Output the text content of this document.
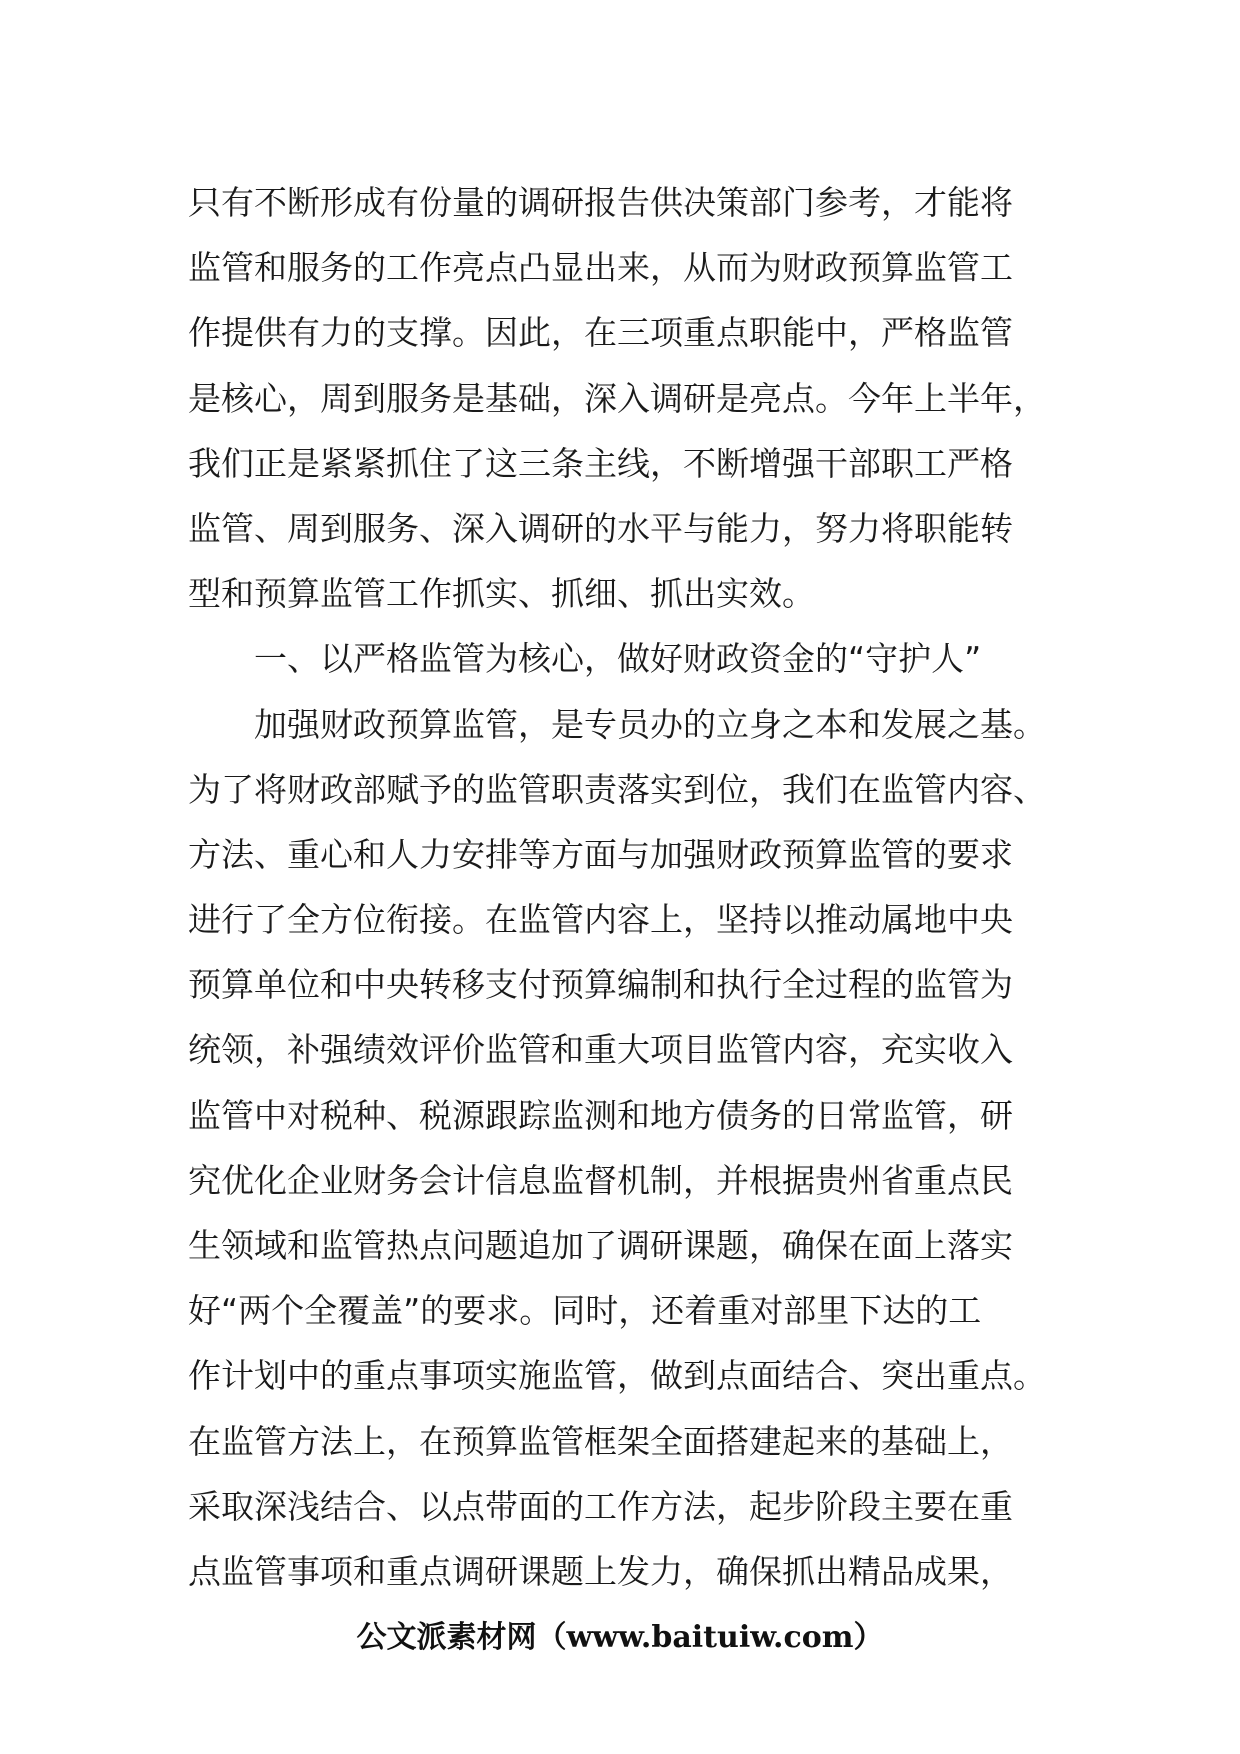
只有不断形成有份量的调研报告供决策部门参考，才能将
监管和服务的工作亮点凸显出来，从而为财政预算监管工
作提供有力的支撑。因此，在三项重点职能中，严格监管
是核心，周到服务是基础，深入调研是亮点。今年上半年，
我们正是紧紧抓住了这三条主线，不断增强干部职工严格
监管、周到服务、深入调研的水平与能力，努力将职能转
型和预算监管工作抓实、抓细、抓出实效。
一、以严格监管为核心，做好财政资金的“守护人”
加强财政预算监管，是专员办的立身之本和发展之基。
为了将财政部赋予的监管职责落实到位，我们在监管内容、
方法、重心和人力安排等方面与加强财政预算监管的要求
进行了全方位衔接。在监管内容上，坚持以推动属地中央
预算单位和中央转移支付预算编制和执行全过程的监管为
统领，补强绩效评价监管和重大项目监管内容，充实收入
监管中对税种、税源跟踪监测和地方债务的日常监管，研
究优化企业财务会计信息监督机制，并根据贵州省重点民
生领域和监管热点问题追加了调研课题，确保在面上落实
好“两个全覆盖”的要求。同时，还着重对部里下达的工
作计划中的重点事项实施监管，做到点面结合、突出重点。
在监管方法上，在预算监管框架全面搭建起来的基础上，
采取深浅结合、以点带面的工作方法，起步阶段主要在重
点监管事项和重点调研课题上发力，确保抓出精品成果，
公文派素材网（www.baituiw.com）
